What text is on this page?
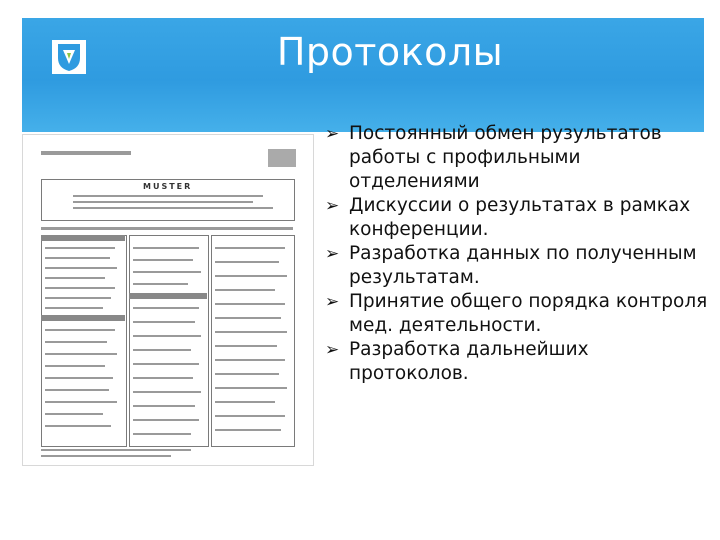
Протоколы
MUSTER
➢ Постоянный обмен рузультатов работы с профильными отделениями
➢ Дискуссии о результатах в рамках конференции.
➢ Разработка данных по полученным результатам.
➢ Принятие общего порядка контроля мед. деятельности.
➢ Разработка дальнейших протоколов.
